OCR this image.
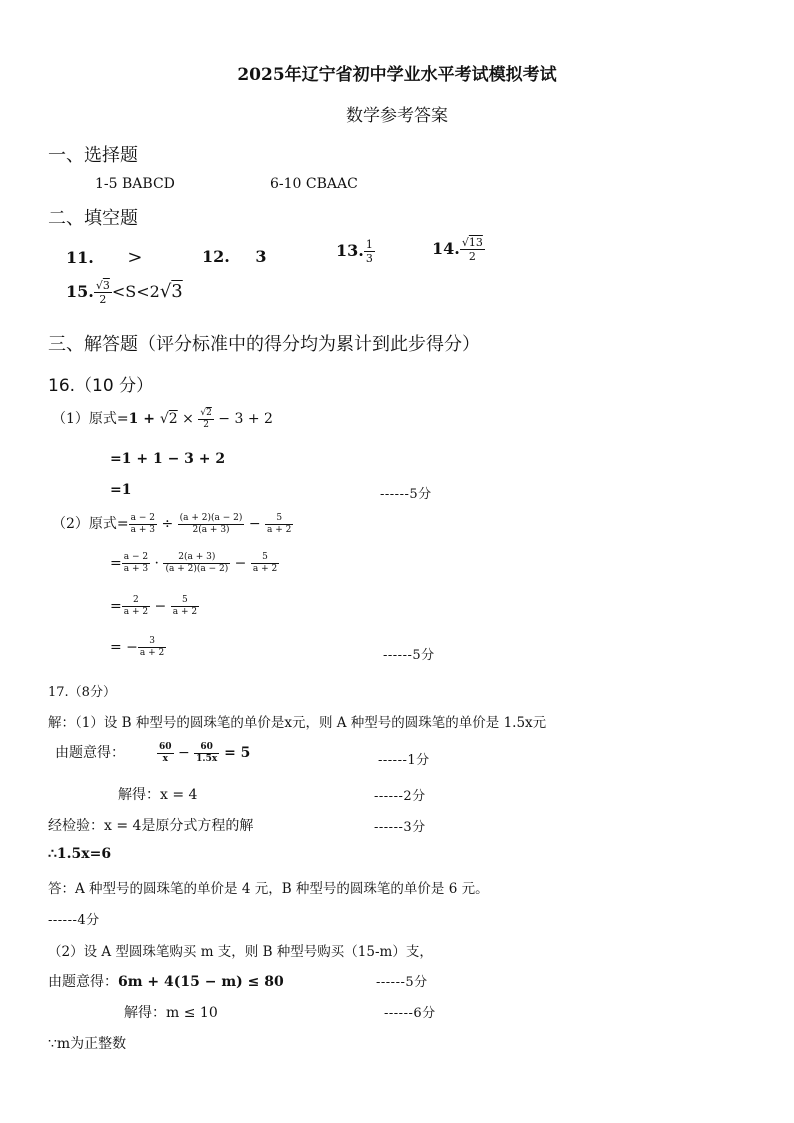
2025年辽宁省初中学业水平考试模拟考试
数学参考答案
一、选择题
1-5 BABCD	6-10 CBAAC
二、填空题
11. >	12. 3	13. $\frac{1}{3}$	14. $\frac{√13}{2}$
15. $\frac{√3}{2} <S<2√3$
三、解答题（评分标准中的得分均为累计到此步得分）
16.（10 分）
（1）原式$=1 + √2 \times \frac{√2}{2} - 3 + 2$
=1 + 1 − 3 + 2
=1	------5分
（2）原式= $\frac{a - 2}{a + 3} \div \frac{(a + 2)(a - 2)}{2(a + 3)} - \frac{5}{a + 2}$
= $\frac{a - 2}{a + 3} \cdot \frac{2(a + 3)}{(a + 2)(a - 2)} - \frac{5}{a + 2}$
= $\frac{2}{a + 2} - \frac{5}{a + 2}$
= − $\frac{3}{a + 2}$	------5分
17.（8分）
解：（1）设 B 种型号的圆珠笔的单价是x元，则 A 种型号的圆珠笔的单价是 1.5x元
由题意得：	$\frac{60}{x} - \frac{60}{1.5x} = 5$	------1分
解得：x = 4	------2分
经检验：x = 4是原分式方程的解	------3分
∴1.5x=6
答：A 种型号的圆珠笔的单价是 4 元，B 种型号的圆珠笔的单价是 6 元。
------4分
（2）设 A 型圆珠笔购买 m 支，则 B 种型号购买（15-m）支，
由题意得：6m + 4(15 − m) ≤ 80	------5分
解得：m ≤ 10	------6分
∵m为正整数
